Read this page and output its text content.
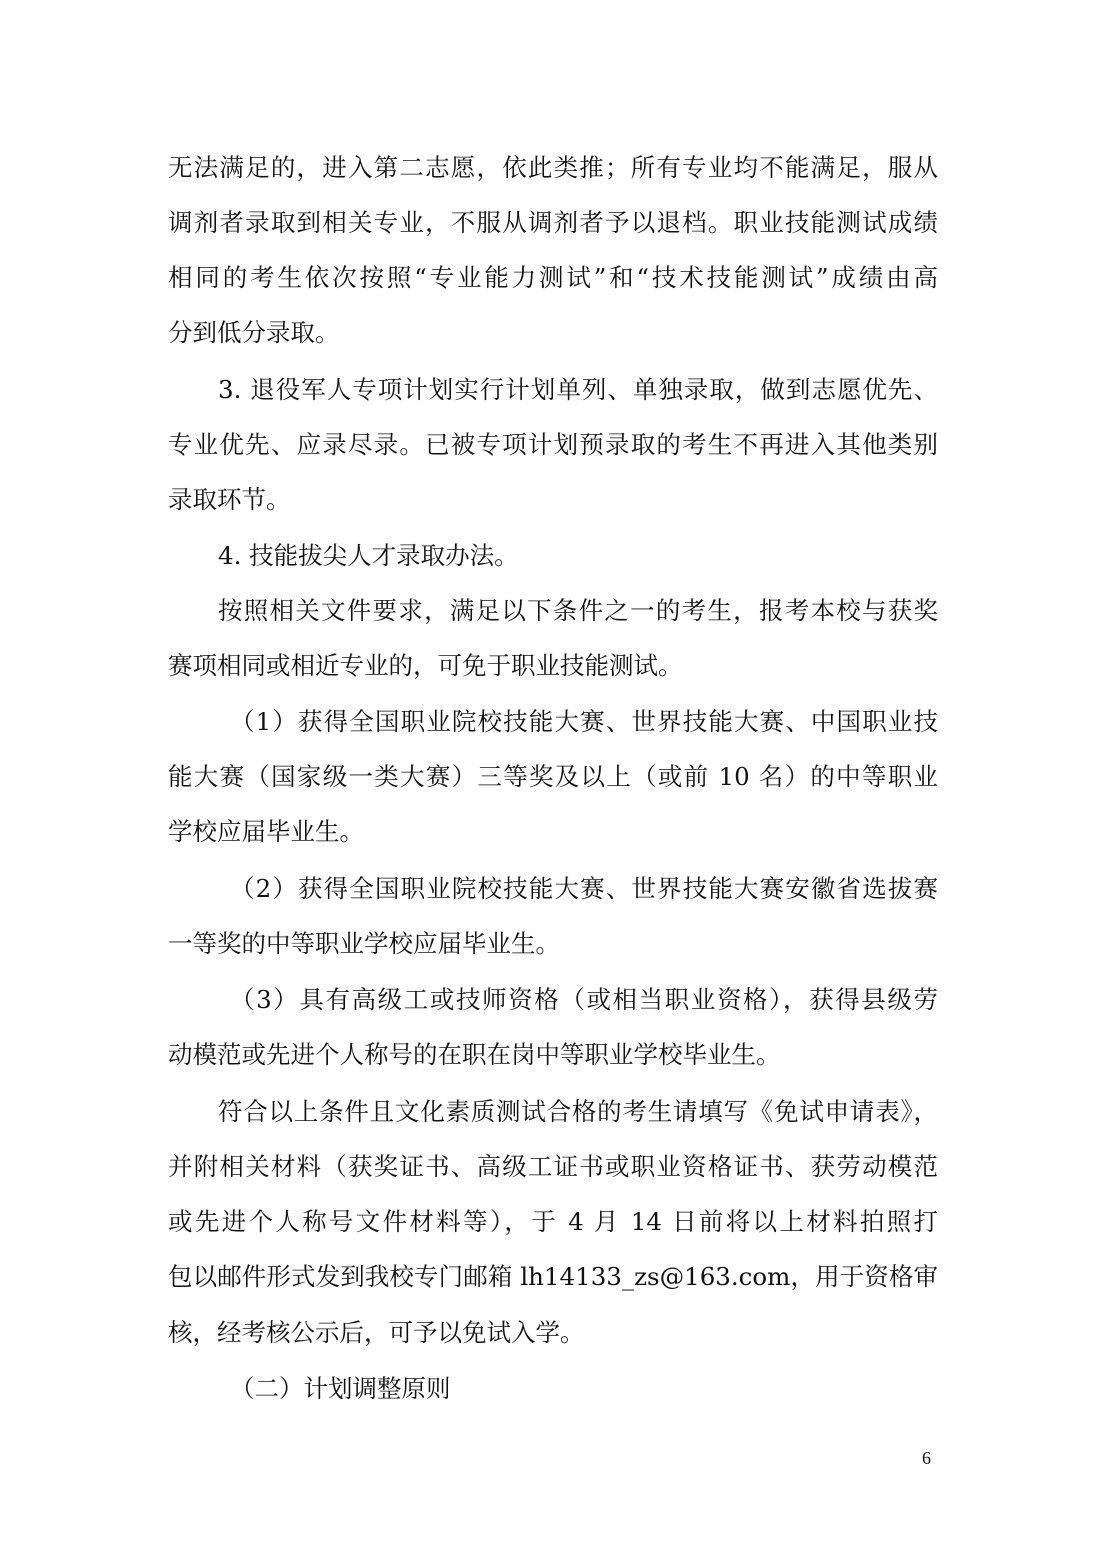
无法满足的，进入第二志愿，依此类推；所有专业均不能满足，服从
调剂者录取到相关专业，不服从调剂者予以退档。职业技能测试成绩
相同的考生依次按照“专业能力测试”和“技术技能测试”成绩由高
分到低分录取。
3. 退役军人专项计划实行计划单列、单独录取，做到志愿优先、
专业优先、应录尽录。已被专项计划预录取的考生不再进入其他类别
录取环节。
4. 技能拔尖人才录取办法。
按照相关文件要求，满足以下条件之一的考生，报考本校与获奖
赛项相同或相近专业的，可免于职业技能测试。
（1）获得全国职业院校技能大赛、世界技能大赛、中国职业技
能大赛（国家级一类大赛）三等奖及以上（或前 10 名）的中等职业
学校应届毕业生。
（2）获得全国职业院校技能大赛、世界技能大赛安徽省选拔赛
一等奖的中等职业学校应届毕业生。
（3）具有高级工或技师资格（或相当职业资格），获得县级劳
动模范或先进个人称号的在职在岗中等职业学校毕业生。
符合以上条件且文化素质测试合格的考生请填写《免试申请表》，
并附相关材料（获奖证书、高级工证书或职业资格证书、获劳动模范
或先进个人称号文件材料等），于 4 月 14 日前将以上材料拍照打
包以邮件形式发到我校专门邮箱 lh14133_zs@163.com，用于资格审
核，经考核公示后，可予以免试入学。
（二）计划调整原则
6
